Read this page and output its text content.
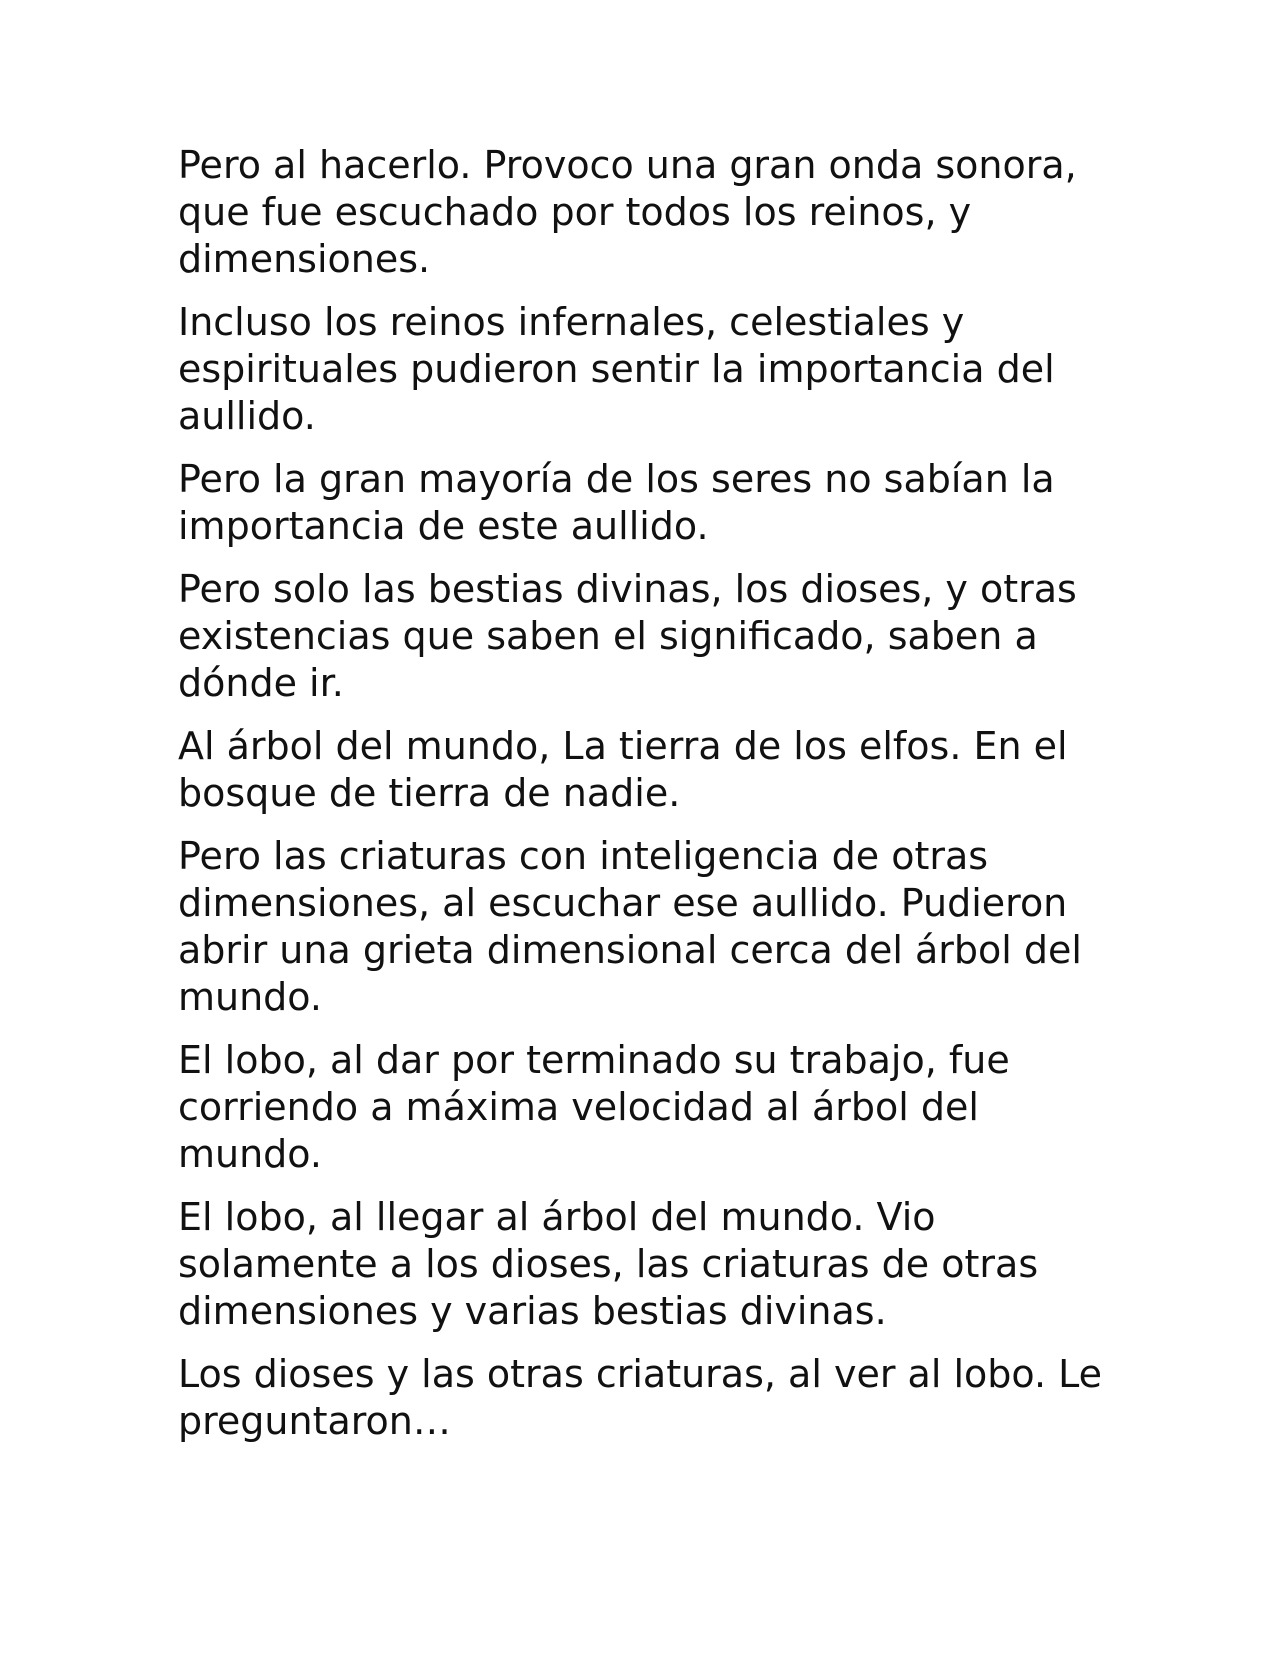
Pero al hacerlo. Provoco una gran onda sonora,
que fue escuchado por todos los reinos, y
dimensiones.

Incluso los reinos infernales, celestiales y
espirituales pudieron sentir la importancia del
aullido.

Pero la gran mayoría de los seres no sabían la
importancia de este aullido.

Pero solo las bestias divinas, los dioses, y otras
existencias que saben el significado, saben a
dónde ir.

Al árbol del mundo, La tierra de los elfos. En el
bosque de tierra de nadie.

Pero las criaturas con inteligencia de otras
dimensiones, al escuchar ese aullido. Pudieron
abrir una grieta dimensional cerca del árbol del
mundo.

El lobo, al dar por terminado su trabajo, fue
corriendo a máxima velocidad al árbol del
mundo.

El lobo, al llegar al árbol del mundo. Vio
solamente a los dioses, las criaturas de otras
dimensiones y varias bestias divinas.

Los dioses y las otras criaturas, al ver al lobo. Le
preguntaron…
